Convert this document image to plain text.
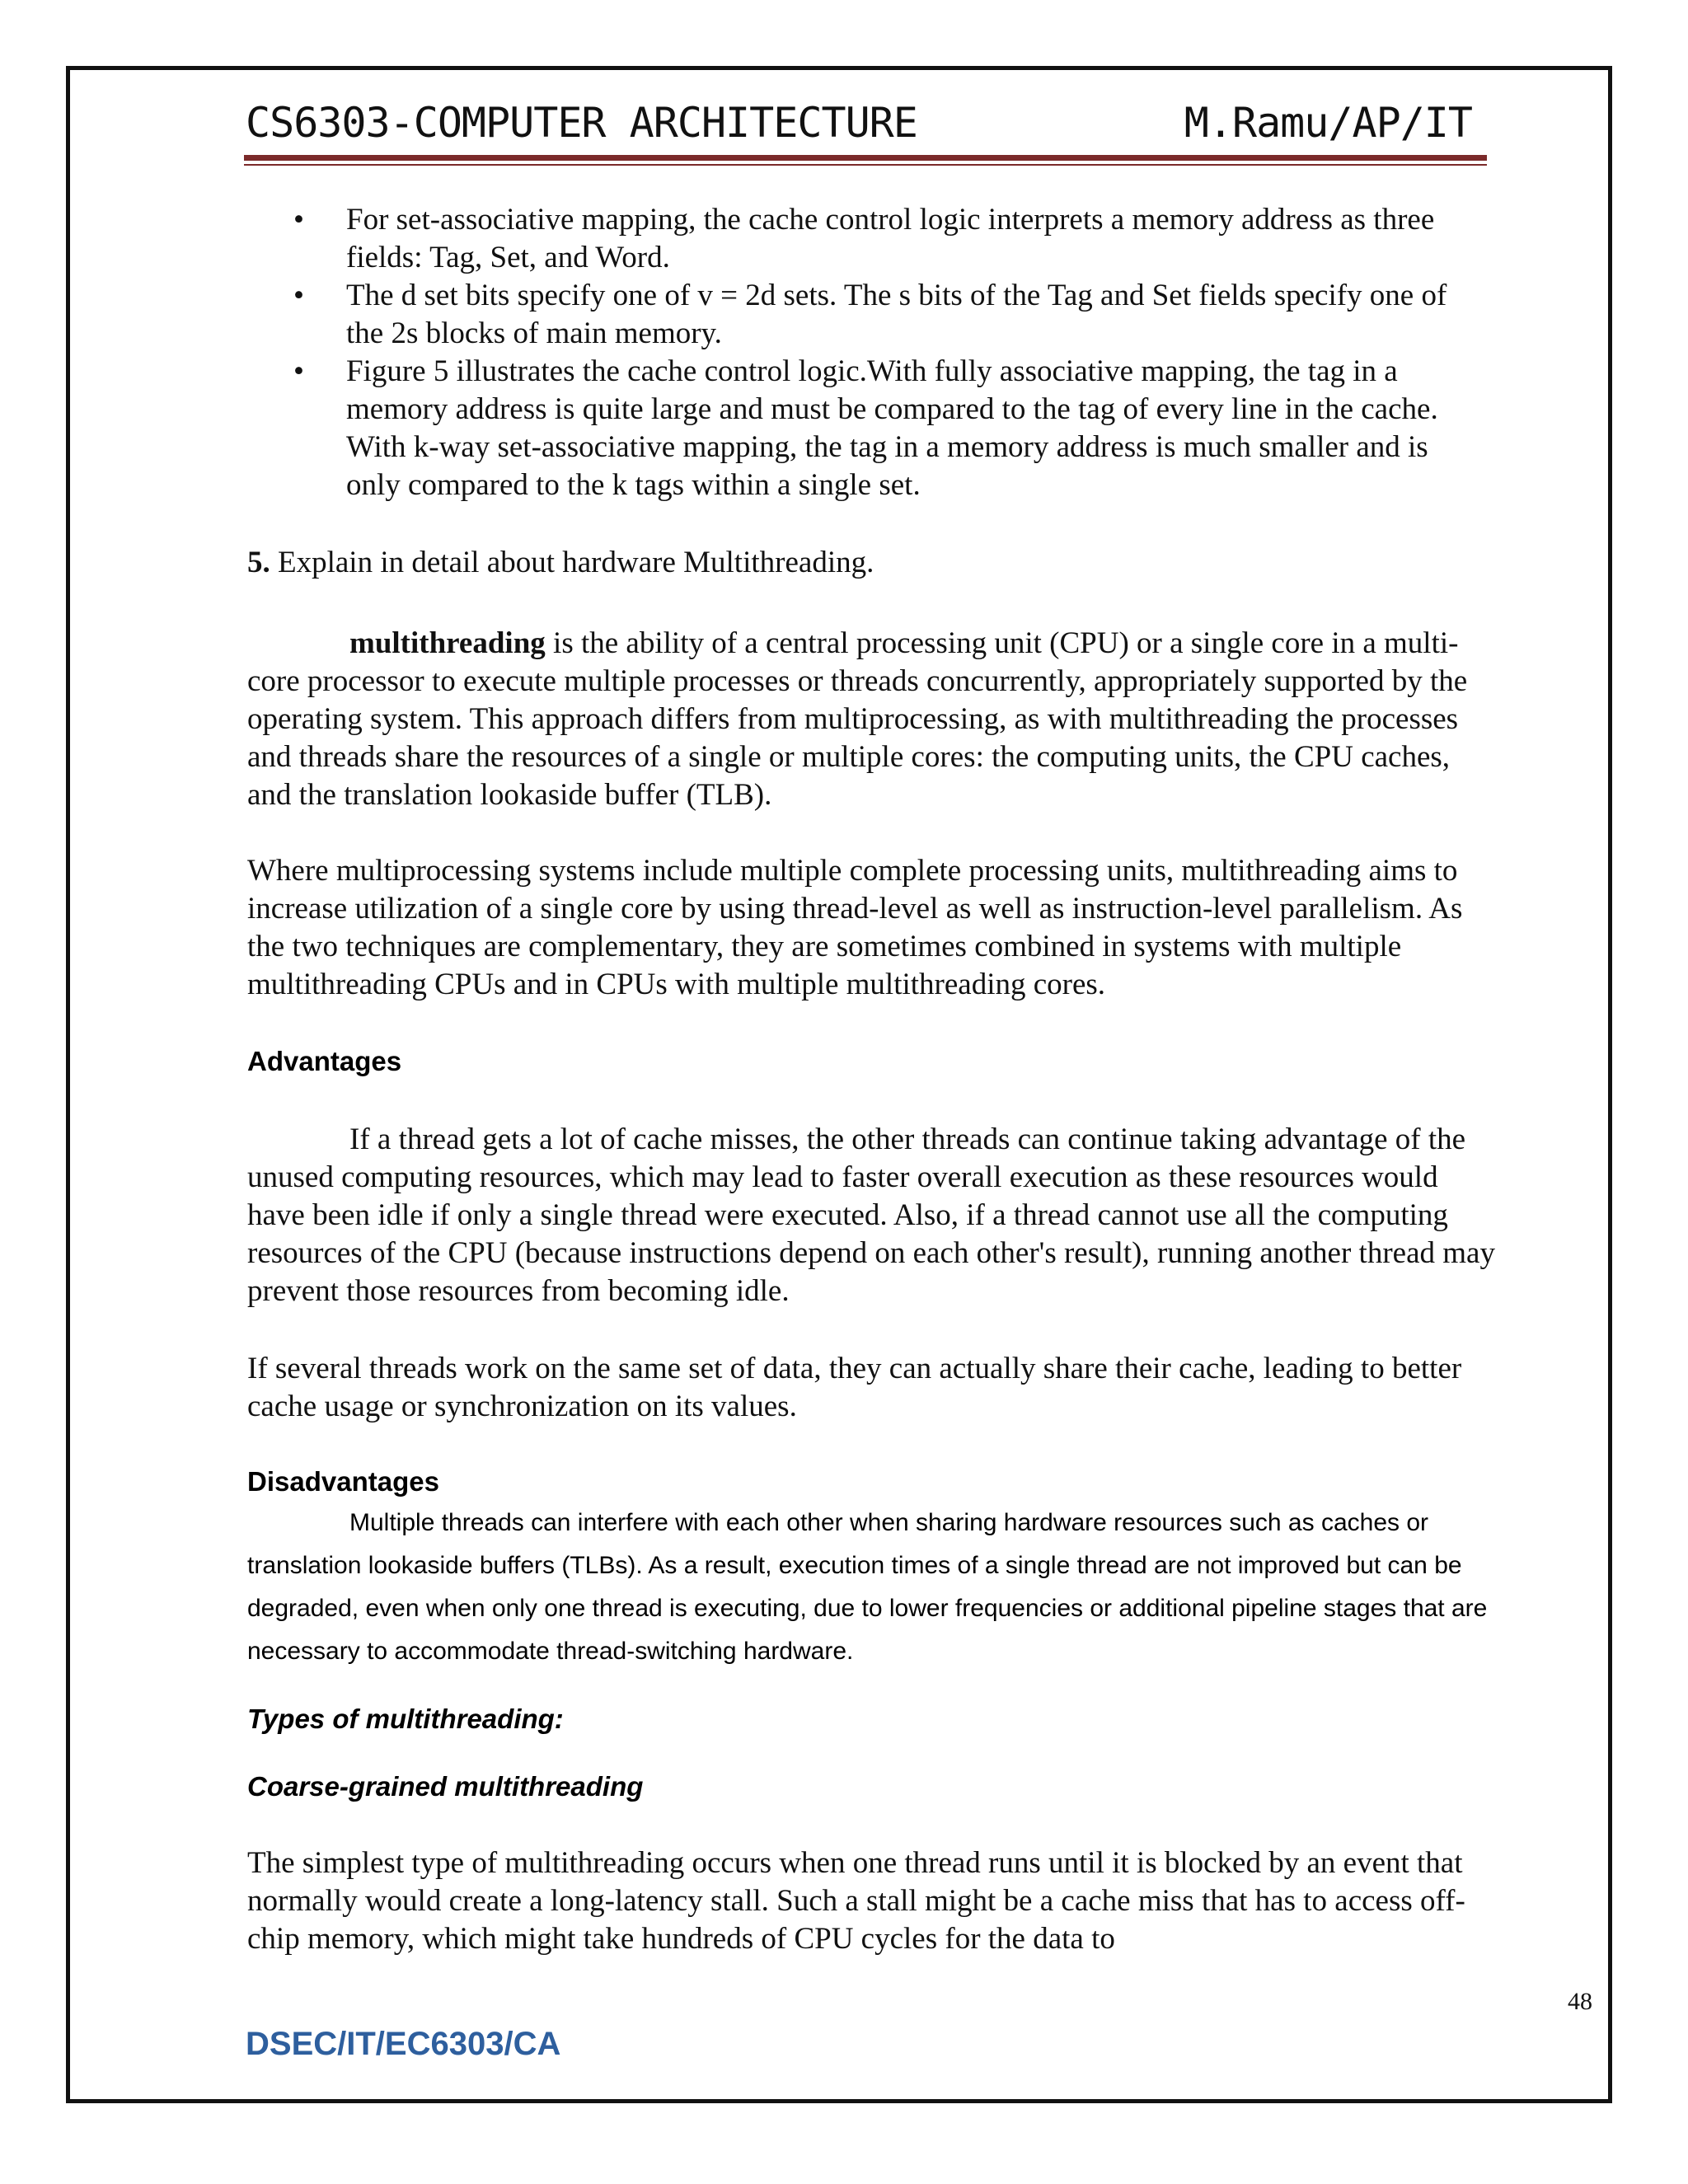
CS6303-COMPUTER ARCHITECTURE	M.Ramu/AP/IT
• For set-associative mapping, the cache control logic interprets a memory address as three fields: Tag, Set, and Word.
• The d set bits specify one of v = 2d sets. The s bits of the Tag and Set fields specify one of the 2s blocks of main memory.
• Figure 5 illustrates the cache control logic.With fully associative mapping, the tag in a memory address is quite large and must be compared to the tag of every line in the cache. With k-way set-associative mapping, the tag in a memory address is much smaller and is only compared to the k tags within a single set.

5. Explain in detail about hardware Multithreading.

multithreading is the ability of a central processing unit (CPU) or a single core in a multi-core processor to execute multiple processes or threads concurrently, appropriately supported by the operating system. This approach differs from multiprocessing, as with multithreading the processes and threads share the resources of a single or multiple cores: the computing units, the CPU caches, and the translation lookaside buffer (TLB).

Where multiprocessing systems include multiple complete processing units, multithreading aims to increase utilization of a single core by using thread-level as well as instruction-level parallelism. As the two techniques are complementary, they are sometimes combined in systems with multiple multithreading CPUs and in CPUs with multiple multithreading cores.

Advantages

If a thread gets a lot of cache misses, the other threads can continue taking advantage of the unused computing resources, which may lead to faster overall execution as these resources would have been idle if only a single thread were executed. Also, if a thread cannot use all the computing resources of the CPU (because instructions depend on each other's result), running another thread may prevent those resources from becoming idle.

If several threads work on the same set of data, they can actually share their cache, leading to better cache usage or synchronization on its values.

Disadvantages

Multiple threads can interfere with each other when sharing hardware resources such as caches or translation lookaside buffers (TLBs). As a result, execution times of a single thread are not improved but can be degraded, even when only one thread is executing, due to lower frequencies or additional pipeline stages that are necessary to accommodate thread-switching hardware.

Types of multithreading:

Coarse-grained multithreading

The simplest type of multithreading occurs when one thread runs until it is blocked by an event that normally would create a long-latency stall. Such a stall might be a cache miss that has to access off-chip memory, which might take hundreds of CPU cycles for the data to

48
DSEC/IT/EC6303/CA
